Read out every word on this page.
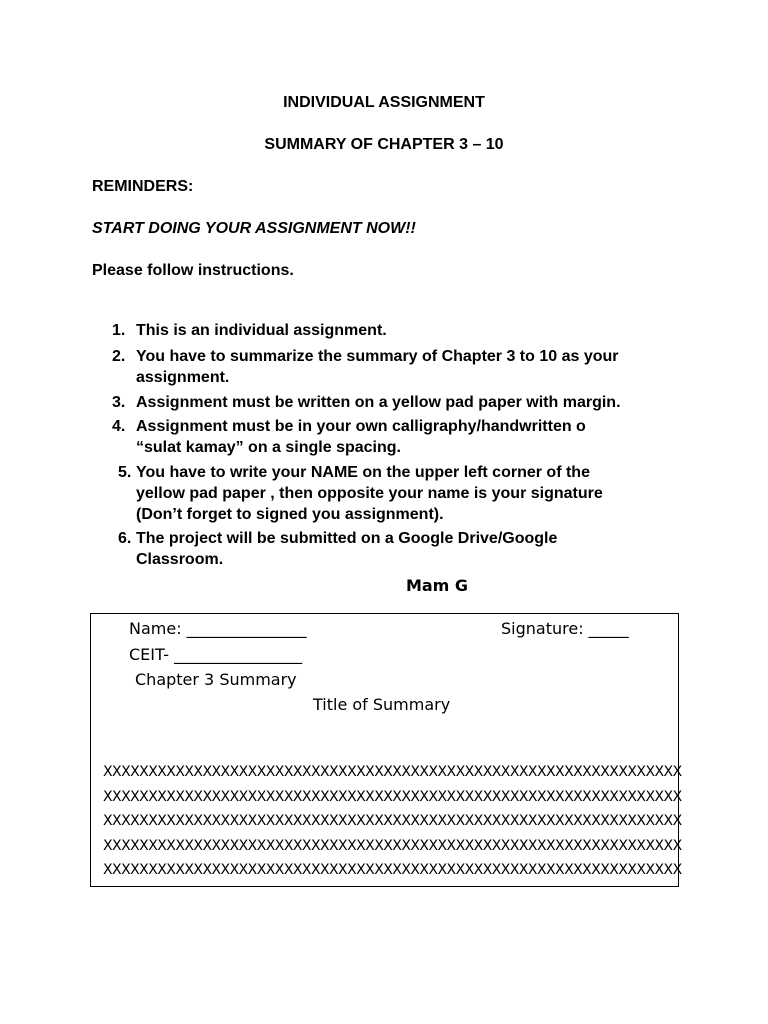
INDIVIDUAL ASSIGNMENT
SUMMARY OF CHAPTER 3 – 10
REMINDERS:
START DOING YOUR ASSIGNMENT NOW!!
Please follow instructions.
1. This is an individual assignment.
2. You have to summarize the summary of Chapter 3 to 10 as your
assignment.
3. Assignment must be written on a yellow pad paper with margin.
4. Assignment must be in your own calligraphy/handwritten o
“sulat kamay” on a single spacing.
5. You have to write your NAME on the upper left corner of the
yellow pad paper , then opposite your name is your signature
(Don’t forget to signed you assignment).
6. The project will be submitted on a Google Drive/Google
Classroom.
Mam G
Name: _______________	Signature: _____
CEIT- ________________
Chapter 3 Summary
Title of Summary
XXXXXXXXXXXXXXXXXXXXXXXXXXXXXXXXXXXXXXXXXXXXXXXXXXXXXXXXXXXXXXXX
XXXXXXXXXXXXXXXXXXXXXXXXXXXXXXXXXXXXXXXXXXXXXXXXXXXXXXXXXXXXXXXX
XXXXXXXXXXXXXXXXXXXXXXXXXXXXXXXXXXXXXXXXXXXXXXXXXXXXXXXXXXXXXXXX
XXXXXXXXXXXXXXXXXXXXXXXXXXXXXXXXXXXXXXXXXXXXXXXXXXXXXXXXXXXXXXXX
XXXXXXXXXXXXXXXXXXXXXXXXXXXXXXXXXXXXXXXXXXXXXXXXXXXXXXXXXXXXXXXX
